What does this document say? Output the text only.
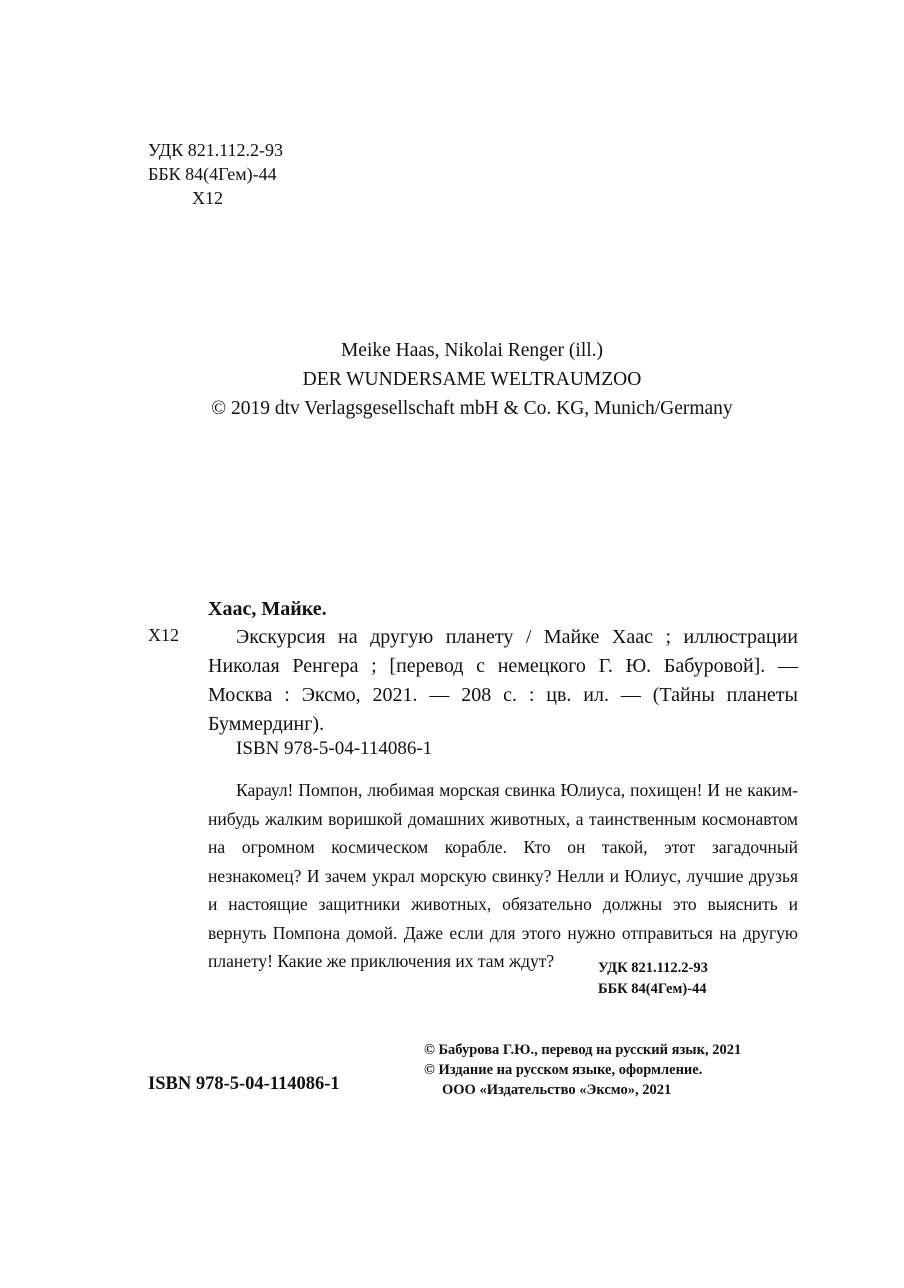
УДК 821.112.2-93
ББК 84(4Гем)-44
Х12
Meike Haas, Nikolai Renger (ill.)
DER WUNDERSAME WELTRAUMZOO
© 2019 dtv Verlagsgesellschaft mbH & Co. KG, Munich/Germany
Хаас, Майке.
Х12	Экскурсия на другую планету / Майке Хаас ; иллюстрации Николая Ренгера ; [перевод с немецкого Г. Ю. Бабуровой]. — Москва : Эксмо, 2021. — 208 с. : цв. ил. — (Тайны планеты Буммердинг).
ISBN 978-5-04-114086-1
Караул! Помпон, любимая морская свинка Юлиуса, похищен! И не каким-нибудь жалким воришкой домашних животных, а таинственным космонавтом на огромном космическом корабле. Кто он такой, этот загадочный незнакомец? И зачем украл морскую свинку? Нелли и Юлиус, лучшие друзья и настоящие защитники животных, обязательно должны это выяснить и вернуть Помпона домой. Даже если для этого нужно отправиться на другую планету! Какие же приключения их там ждут?	УДК 821.112.2-93
ББК 84(4Гем)-44
ISBN 978-5-04-114086-1
© Бабурова Г.Ю., перевод на русский язык, 2021
© Издание на русском языке, оформление.
ООО «Издательство «Эксмо», 2021
